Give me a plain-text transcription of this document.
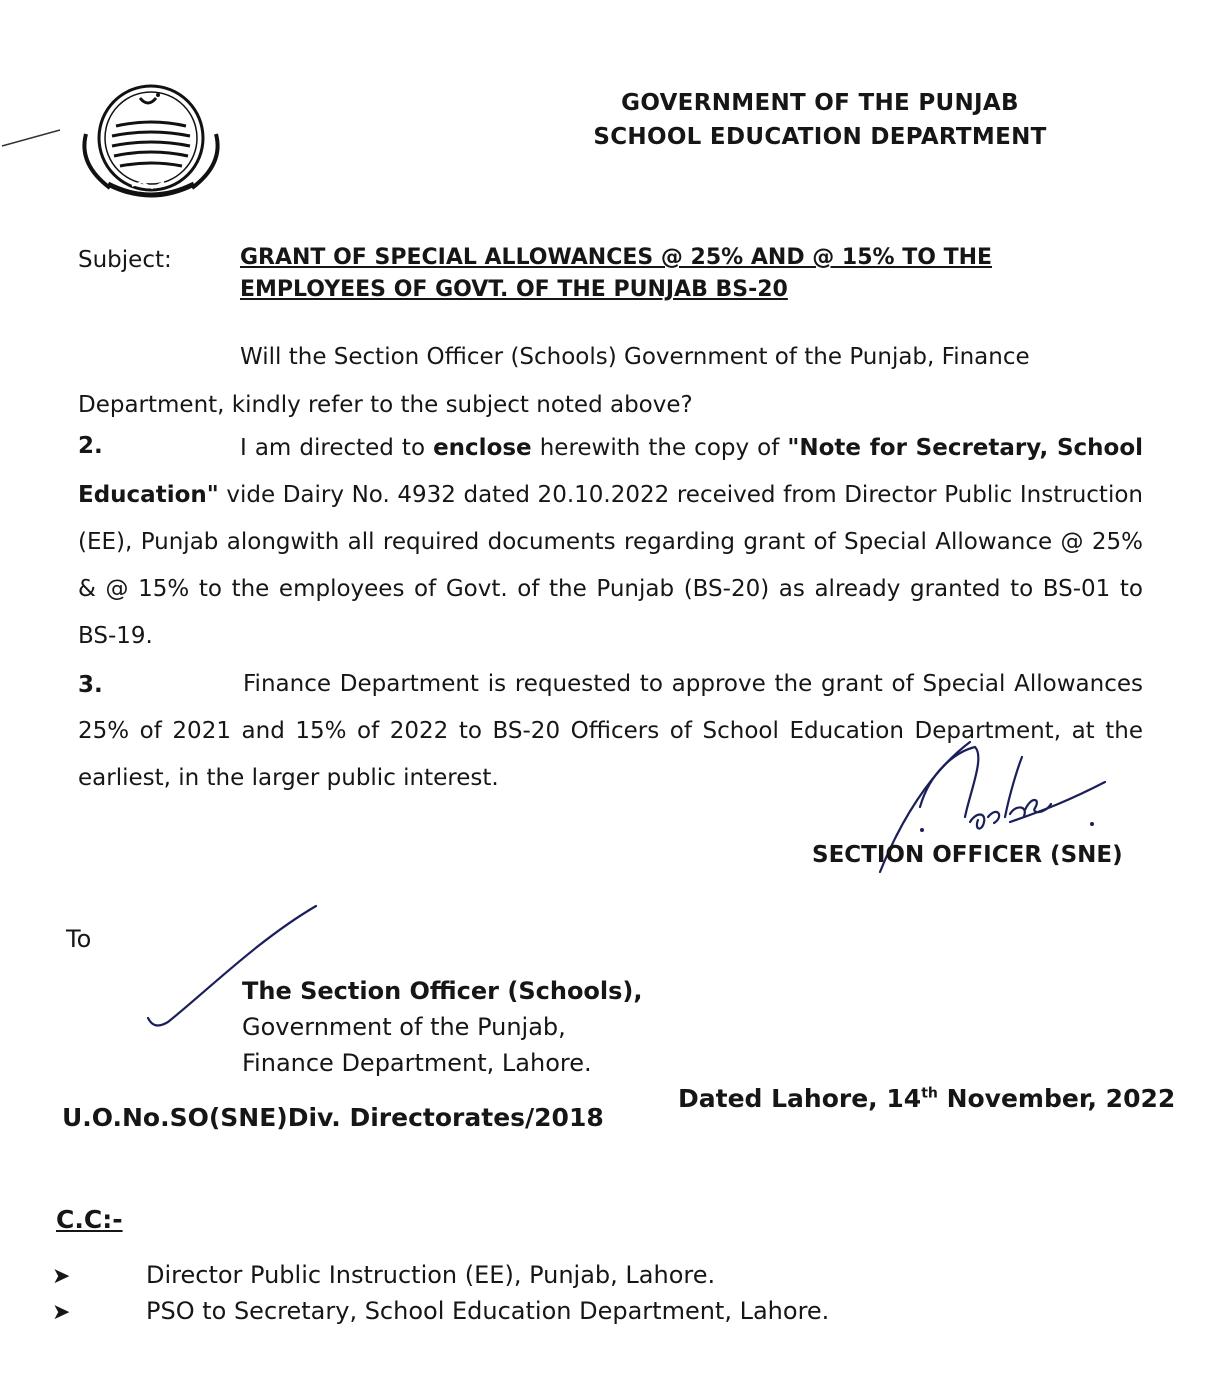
GOVERNMENT OF THE PUNJAB
SCHOOL EDUCATION DEPARTMENT
Subject:	GRANT OF SPECIAL ALLOWANCES @ 25% AND @ 15% TO THE
EMPLOYEES OF GOVT. OF THE PUNJAB BS-20
Will the Section Officer (Schools) Government of the Punjab, Finance
Department, kindly refer to the subject noted above?
2.	I am directed to enclose herewith the copy of "Note for Secretary, School Education" vide Dairy No. 4932 dated 20.10.2022 received from Director Public Instruction (EE), Punjab alongwith all required documents regarding grant of Special Allowance @ 25% & @ 15% to the employees of Govt. of the Punjab (BS-20) as already granted to BS-01 to BS-19.
3.	Finance Department is requested to approve the grant of Special Allowances 25% of 2021 and 15% of 2022 to BS-20 Officers of School Education Department, at the earliest, in the larger public interest.
SECTION OFFICER (SNE)
To
The Section Officer (Schools),
Government of the Punjab,
Finance Department, Lahore.
U.O.No.SO(SNE)Div. Directorates/2018
Dated Lahore, 14th November, 2022
C.C:-
➤	Director Public Instruction (EE), Punjab, Lahore.
➤	PSO to Secretary, School Education Department, Lahore.
